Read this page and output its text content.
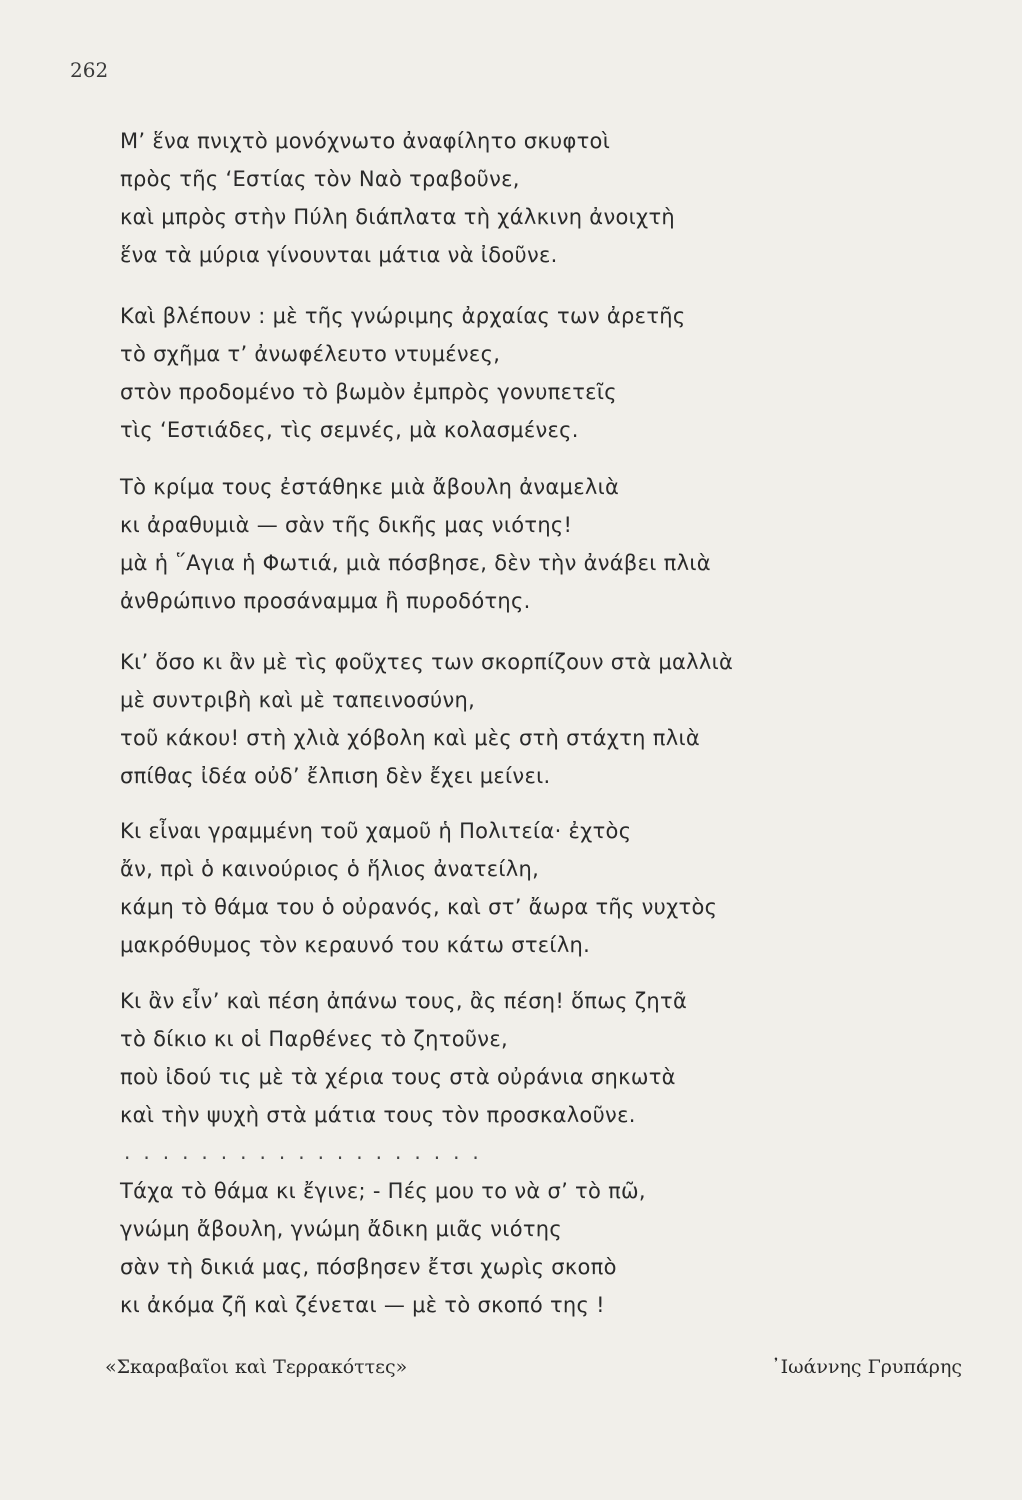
262
Μ’ ἕνα πνιχτὸ μονόχνωτο ἀναφίλητο σκυφτοὶ
πρὸς τῆς ‘Εστίας τὸν Ναὸ τραβοῦνε,
καὶ μπρὸς στὴν Πύλη διάπλατα τὴ χάλκινη ἀνοιχτὴ
ἕνα τὰ μύρια γίνουνται μάτια νὰ ἰδοῦνε.
Καὶ βλέπουν : μὲ τῆς γνώριμης ἀρχαίας των ἀρετῆς
τὸ σχῆμα τ’ ἀνωφέλευτο ντυμένες,
στὸν προδομένο τὸ βωμὸν ἐμπρὸς γονυπετεῖς
τὶς ‘Εστιάδες, τὶς σεμνές, μὰ κολασμένες.
Τὸ κρίμα τους ἐστάθηκε μιὰ ἄβουλη ἀναμελιὰ
κι ἀραθυμιὰ — σὰν τῆς δικῆς μας νιότης!
μὰ ἡ ῞Αγια ἡ Φωτιά, μιὰ πόσβησε, δὲν τὴν ἀνάβει πλιὰ
ἀνθρώπινο προσάναμμα ἢ πυροδότης.
Κι’ ὅσο κι ἂν μὲ τὶς φοῦχτες των σκορπίζουν στὰ μαλλιὰ
μὲ συντριβὴ καὶ μὲ ταπεινοσύνη,
τοῦ κάκου! στὴ χλιὰ χόβολη καὶ μὲς στὴ στάχτη πλιὰ
σπίθας ἰδέα οὐδ’ ἔλπιση δὲν ἔχει μείνει.
Κι εἶναι γραμμένη τοῦ χαμοῦ ἡ Πολιτεία· ἐχτὸς
ἄν, πρὶ ὁ καινούριος ὁ ἥλιος ἀνατείλη,
κάμη τὸ θάμα του ὁ οὐρανός, καὶ στ’ ἄωρα τῆς νυχτὸς
μακρόθυμος τὸν κεραυνό του κάτω στείλη.
Κι ἂν εἶν’ καὶ πέση ἀπάνω τους, ἂς πέση! ὅπως ζητᾶ
τὸ δίκιο κι οἱ Παρθένες τὸ ζητοῦνε,
ποὺ ἰδού τις μὲ τὰ χέρια τους στὰ οὐράνια σηκωτὰ
καὶ τὴν ψυχὴ στὰ μάτια τους τὸν προσκαλοῦνε.
Τάχα τὸ θάμα κι ἔγινε; - Πές μου το νὰ σ’ τὸ πῶ,
γνώμη ἄβουλη, γνώμη ἄδικη μιᾶς νιότης
σὰν τὴ δικιά μας, πόσβησεν ἔτσι χωρὶς σκοπὸ
κι ἀκόμα ζῆ καὶ ζένεται — μὲ τὸ σκοπό της !
...................
«Σκαραβαῖοι καὶ Τερρακόττες»	᾿Ιωάννης Γρυπάρης
